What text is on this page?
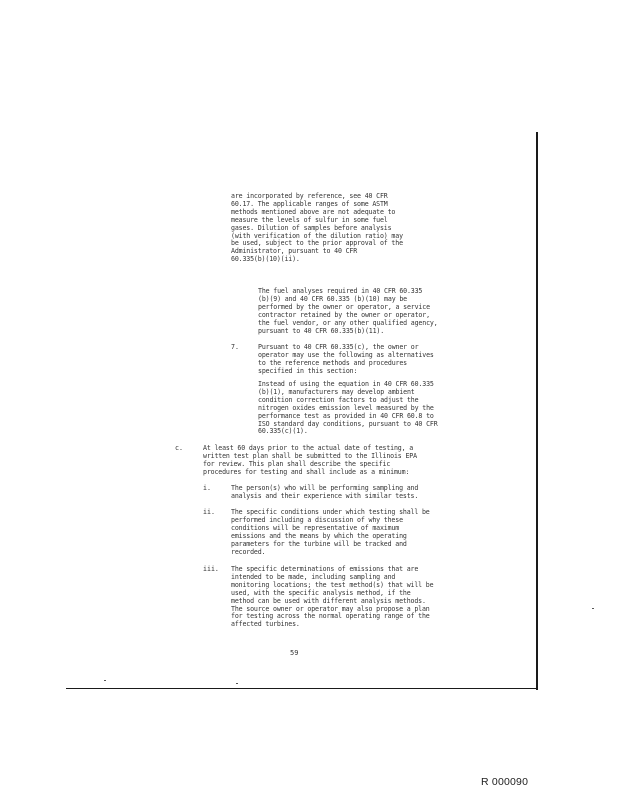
are incorporated by reference, see 40 CFR
60.17. The applicable ranges of some ASTM
methods mentioned above are not adequate to
measure the levels of sulfur in some fuel
gases. Dilution of samples before analysis
(with verification of the dilution ratio) may
be used, subject to the prior approval of the
Administrator, pursuant to 40 CFR
60.335(b)(10)(ii).
The fuel analyses required in 40 CFR 60.335
(b)(9) and 40 CFR 60.335 (b)(10) may be
performed by the owner or operator, a service
contractor retained by the owner or operator,
the fuel vendor, or any other qualified agency,
pursuant to 40 CFR 60.335(b)(11).
7.	Pursuant to 40 CFR 60.335(c), the owner or
operator may use the following as alternatives
to the reference methods and procedures
specified in this section:
Instead of using the equation in 40 CFR 60.335
(b)(1), manufacturers may develop ambient
condition correction factors to adjust the
nitrogen oxides emission level measured by the
performance test as provided in 40 CFR 60.8 to
ISO standard day conditions, pursuant to 40 CFR
60.335(c)(1).
c.	At least 60 days prior to the actual date of testing, a
written test plan shall be submitted to the Illinois EPA
for review. This plan shall describe the specific
procedures for testing and shall include as a minimum:
i.	The person(s) who will be performing sampling and
analysis and their experience with similar tests.
ii. The specific conditions under which testing shall be
performed including a discussion of why these
conditions will be representative of maximum
emissions and the means by which the operating
parameters for the turbine will be tracked and
recorded.
iii. The specific determinations of emissions that are
intended to be made, including sampling and
monitoring locations; the test method(s) that will be
used, with the specific analysis method, if the
method can be used with different analysis methods.
The source owner or operator may also propose a plan
for testing across the normal operating range of the
affected turbines.
59
R 000090
